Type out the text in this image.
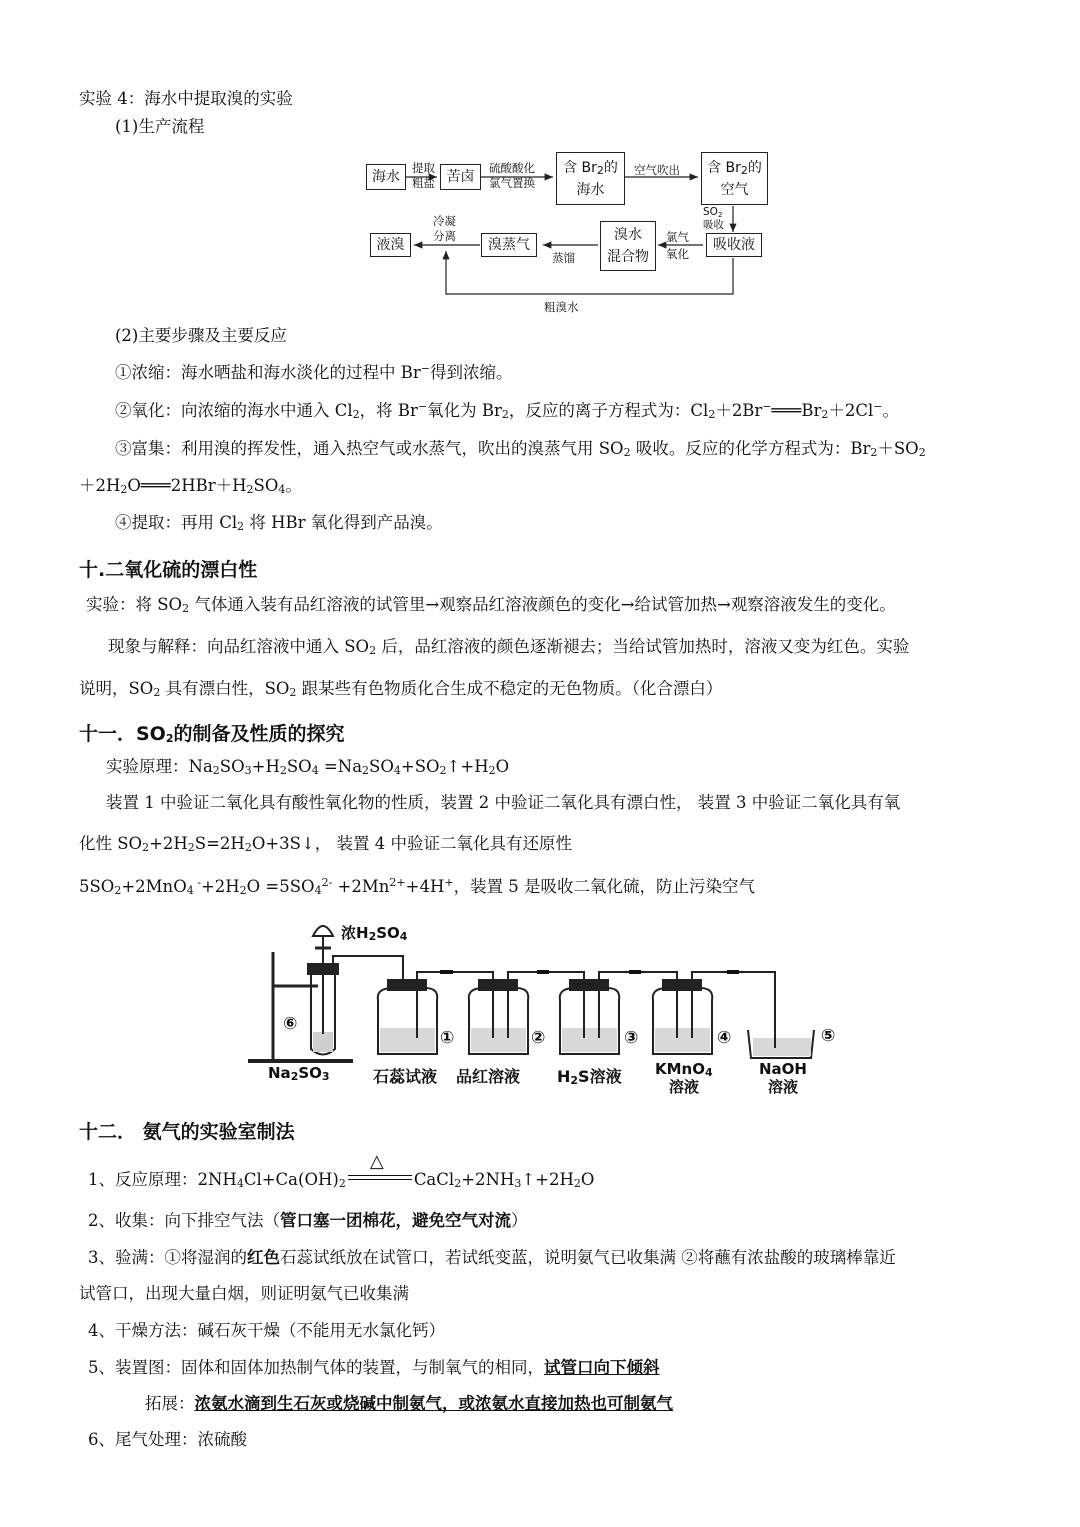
实验 4：海水中提取溴的实验
(1)生产流程
海水	苦卤
含 $Br_2$的
海水
含 $Br_2$的
空气
液溴	溴蒸气
溴水
混合物
吸收液
提取
粗盐
硫酸酸化
氯气置换
空气吹出
$SO_2$
吸收
冷凝
分离
蒸馏
氯气
氧化
粗溴水
(2)主要步骤及主要反应
①浓缩：海水晒盐和海水淡化的过程中 Br−得到浓缩。
②氧化：向浓缩的海水中通入 $Cl_2$，将 Br−氧化为 $Br_2$，反应的离子方程式为：$Cl_2+2Br^-═══Br_2+2Cl^-$。
③富集：利用溴的挥发性，通入热空气或水蒸气，吹出的溴蒸气用 $SO_2$ 吸收。反应的化学方程式为：$Br_2+SO_2$
$+2H_2O═══2HBr+H_2SO_4$。
④提取：再用 $Cl_2$ 将 HBr 氧化得到产品溴。
十.二氧化硫的漂白性
实验：将 $SO_2$ 气体通入装有品红溶液的试管里→观察品红溶液颜色的变化→给试管加热→观察溶液发生的变化。
现象与解释：向品红溶液中通入 $SO_2$ 后，品红溶液的颜色逐渐褪去；当给试管加热时，溶液又变为红色。实验
说明，$SO_2$ 具有漂白性，$SO_2$ 跟某些有色物质化合生成不稳定的无色物质。（化合漂白）
十一．$SO_2$的制备及性质的探究
实验原理：$Na_2SO_3+H_2SO_4$ $=Na_2SO_4+SO_2↑+H_2O$
装置 1 中验证二氧化具有酸性氧化物的性质，装置 2 中验证二氧化具有漂白性， 装置 3 中验证二氧化具有氧
化性 $SO_2+2H_2S=2H_2O+3S↓$， 装置 4 中验证二氧化具有还原性
$5SO_2+2MnO_4$ $^-+2H_2O =5SO_4^{2-} +2Mn^{2+}+4H^+$，装置 5 是吸收二氧化硫，防止污染空气
浓$H_2SO_4$
⑥
①	②	③	④	⑤
$Na_2SO_3$	石蕊试液 品红溶液 $H_2S$溶液 KMnO$_4$
溶液
NaOH
溶液
十二． 氨气的实验室制法
1、反应原理：$2NH_4Cl+Ca(OH)_2$
△
$CaCl_2+2NH_3↑+2H_2O$
2、收集：向下排空气法（管口塞一团棉花，避免空气对流）
3、验满：①将湿润的红色石蕊试纸放在试管口，若试纸变蓝，说明氨气已收集满 ②将蘸有浓盐酸的玻璃棒靠近
试管口，出现大量白烟，则证明氨气已收集满
4、干燥方法：碱石灰干燥（不能用无水氯化钙）
5、装置图：固体和固体加热制气体的装置，与制氧气的相同，试管口向下倾斜
拓展：浓氨水滴到生石灰或烧碱中制氨气，或浓氨水直接加热也可制氨气
6、尾气处理：浓硫酸
